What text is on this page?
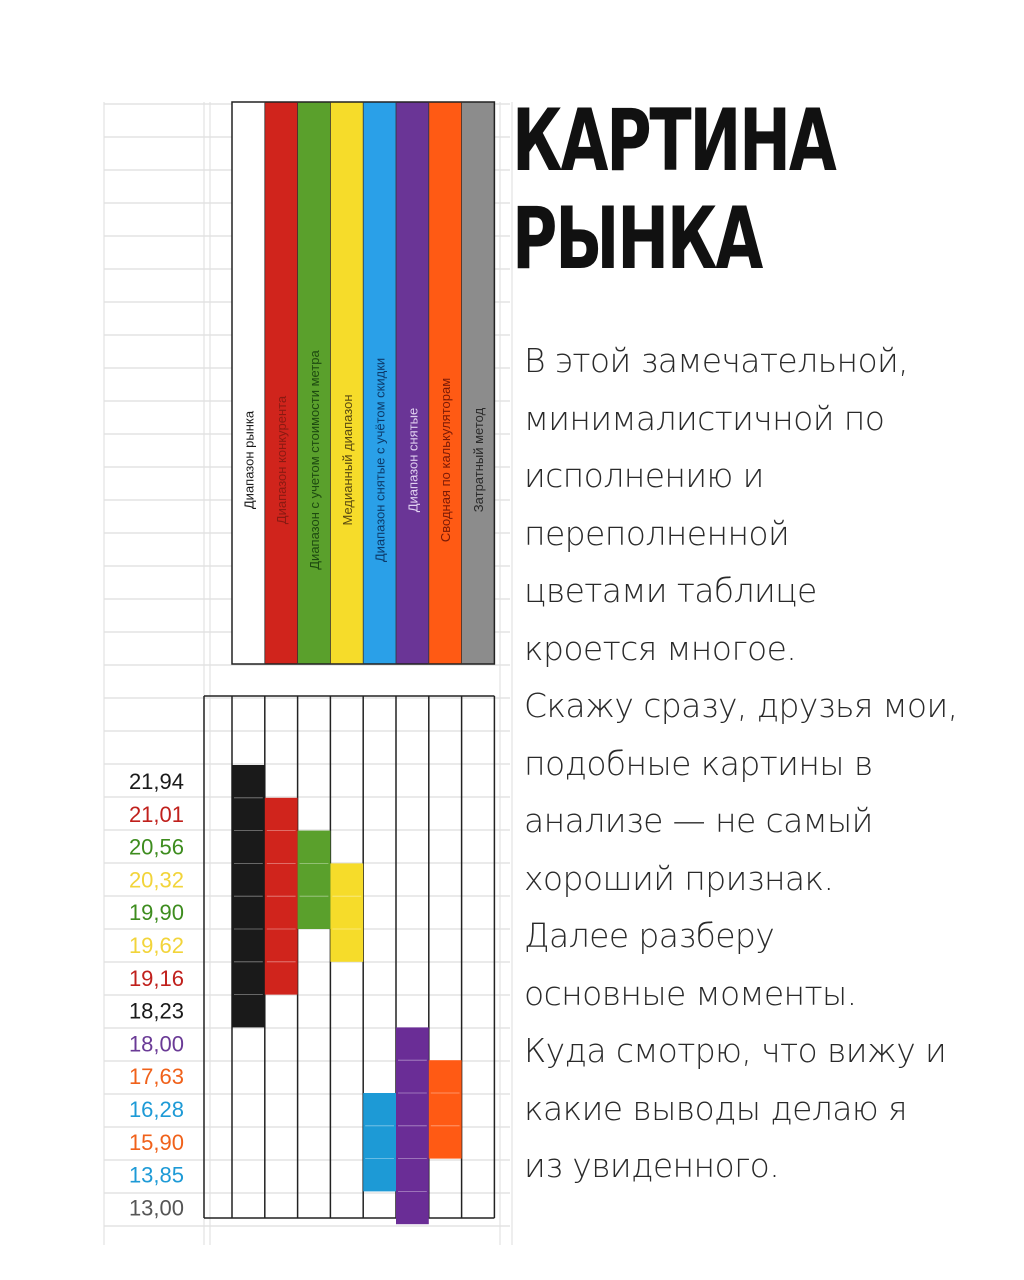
Диапазон рынка Диапазон конкурента Диапазон с учетом стоимости метра Медианный диапазон Диапазон снятые с учётом скидки Диапазон снятые Сводная по калькуляторам Затратный метод
21,94
21,01
20,56
20,32
19,90
19,62
19,16
18,23
18,00
17,63
16,28
15,90
13,85
13,00
КАРТИНА
РЫНКА
В этой замечательной,
минималистичной по
исполнению и
переполненной
цветами таблице
кроется многое.
Скажу сразу, друзья мои,
подобные картины в
анализе — не самый
хороший признак.
Далее разберу
основные моменты.
Куда смотрю, что вижу и
какие выводы делаю я
из увиденного.
